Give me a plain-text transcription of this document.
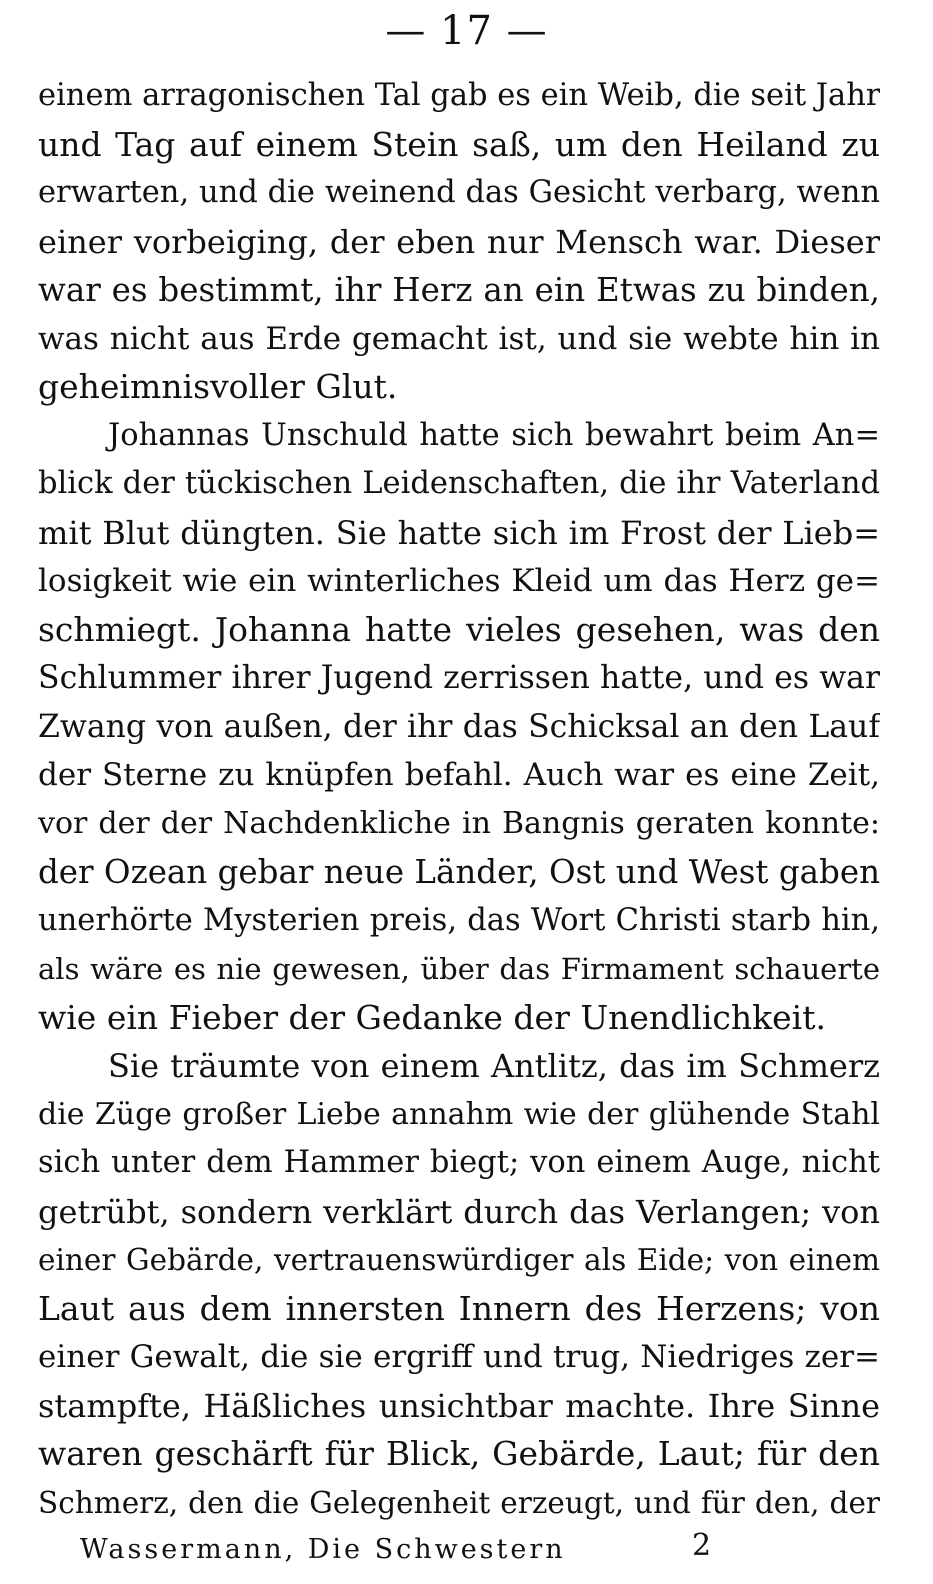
— 17 —
einem arragonischen Tal gab es ein Weib, die seit Jahr
und Tag auf einem Stein saß, um den Heiland zu
erwarten, und die weinend das Gesicht verbarg, wenn
einer vorbeiging, der eben nur Mensch war. Dieser
war es bestimmt, ihr Herz an ein Etwas zu binden,
was nicht aus Erde gemacht ist, und sie webte hin in
geheimnisvoller Glut.
Johannas Unschuld hatte sich bewahrt beim An=
blick der tückischen Leidenschaften, die ihr Vaterland
mit Blut düngten. Sie hatte sich im Frost der Lieb=
losigkeit wie ein winterliches Kleid um das Herz ge=
schmiegt. Johanna hatte vieles gesehen, was den
Schlummer ihrer Jugend zerrissen hatte, und es war
Zwang von außen, der ihr das Schicksal an den Lauf
der Sterne zu knüpfen befahl. Auch war es eine Zeit,
vor der der Nachdenkliche in Bangnis geraten konnte:
der Ozean gebar neue Länder, Ost und West gaben
unerhörte Mysterien preis, das Wort Christi starb hin,
als wäre es nie gewesen, über das Firmament schauerte
wie ein Fieber der Gedanke der Unendlichkeit.
Sie träumte von einem Antlitz, das im Schmerz
die Züge großer Liebe annahm wie der glühende Stahl
sich unter dem Hammer biegt; von einem Auge, nicht
getrübt, sondern verklärt durch das Verlangen; von
einer Gebärde, vertrauenswürdiger als Eide; von einem
Laut aus dem innersten Innern des Herzens; von
einer Gewalt, die sie ergriff und trug, Niedriges zer=
stampfte, Häßliches unsichtbar machte. Ihre Sinne
waren geschärft für Blick, Gebärde, Laut; für den
Schmerz, den die Gelegenheit erzeugt, und für den, der
Wassermann, Die Schwestern	2
